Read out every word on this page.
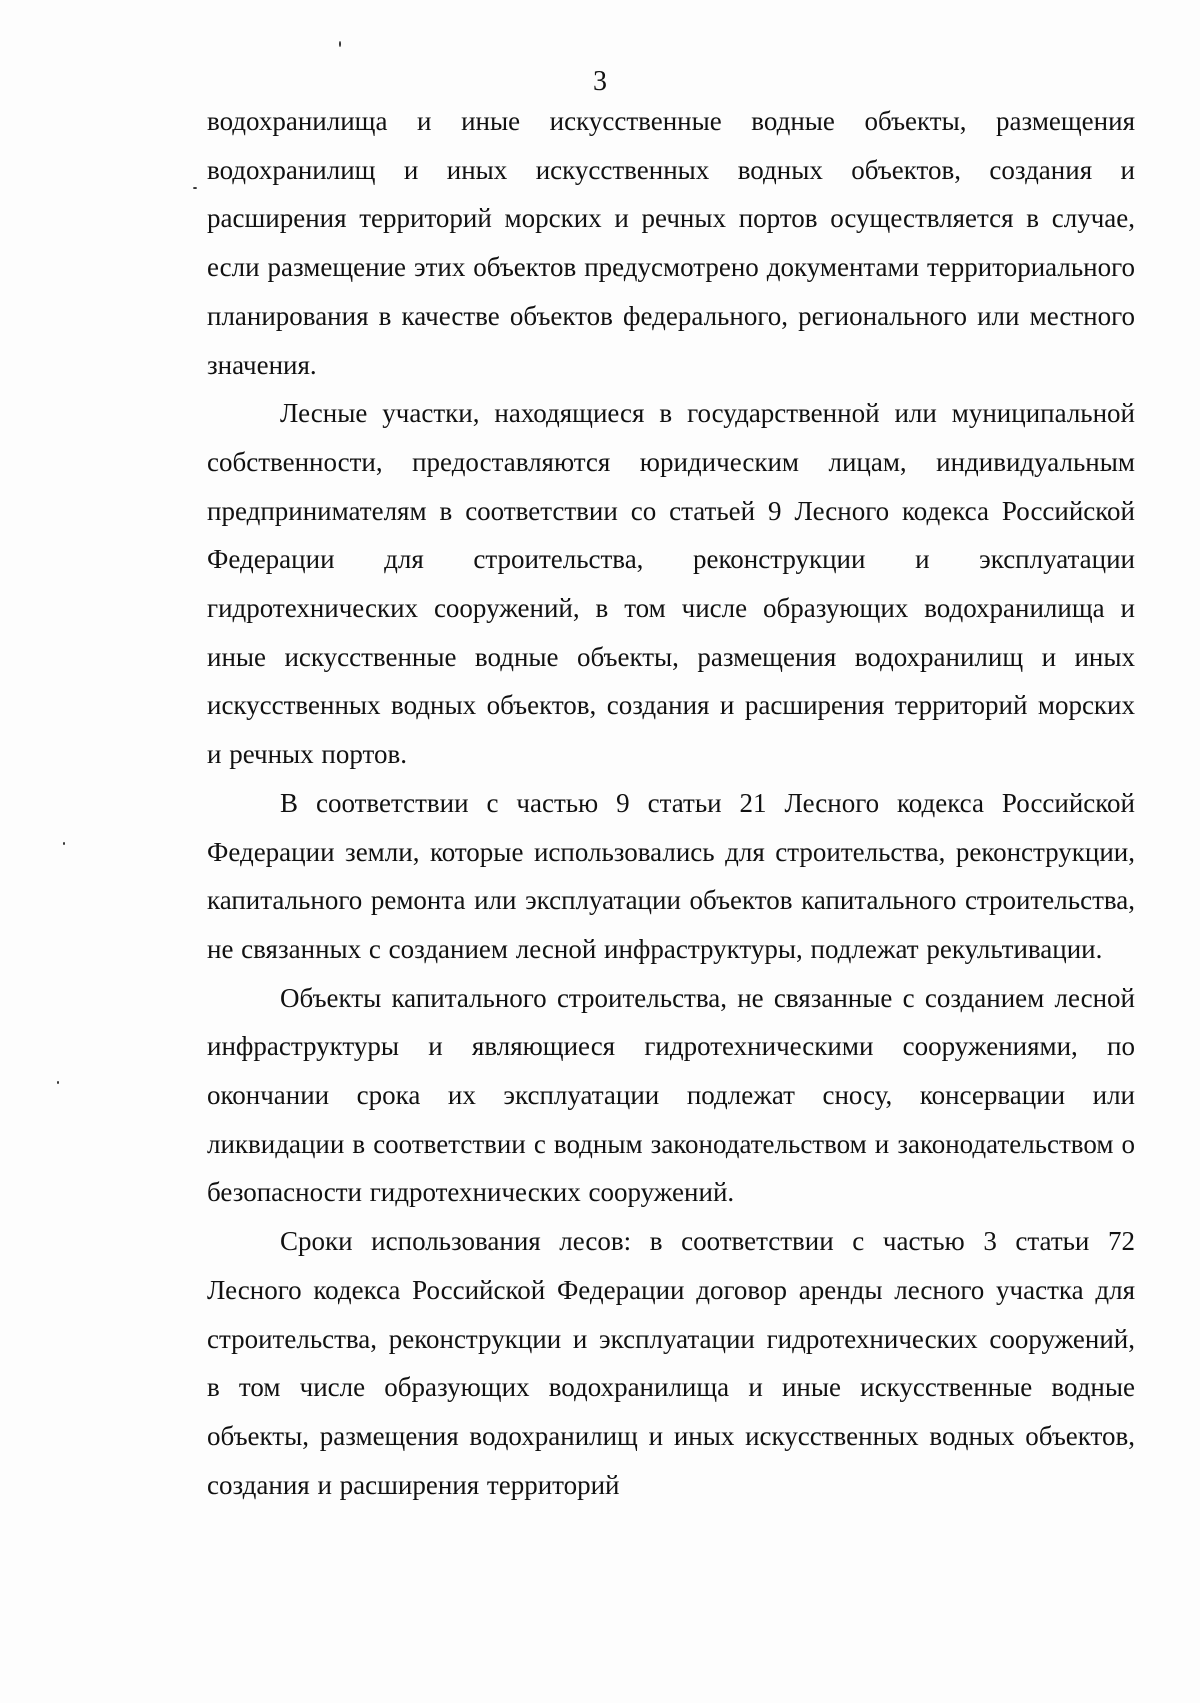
3

водохранилища и иные искусственные водные объекты, размещения водохранилищ и иных искусственных водных объектов, создания и расширения территорий морских и речных портов осуществляется в случае, если размещение этих объектов предусмотрено документами территориального планирования в качестве объектов федерального, регионального или местного значения.

Лесные участки, находящиеся в государственной или муниципальной собственности, предоставляются юридическим лицам, индивидуальным предпринимателям в соответствии со статьей 9 Лесного кодекса Российской Федерации для строительства, реконструкции и эксплуатации гидротехнических сооружений, в том числе образующих водохранилища и иные искусственные водные объекты, размещения водохранилищ и иных искусственных водных объектов, создания и расширения территорий морских и речных портов.

В соответствии с частью 9 статьи 21 Лесного кодекса Российской Федерации земли, которые использовались для строительства, реконструкции, капитального ремонта или эксплуатации объектов капитального строительства, не связанных с созданием лесной инфраструктуры, подлежат рекультивации.

Объекты капитального строительства, не связанные с созданием лесной инфраструктуры и являющиеся гидротехническими сооружениями, по окончании срока их эксплуатации подлежат сносу, консервации или ликвидации в соответствии с водным законодательством и законодательством о безопасности гидротехнических сооружений.

Сроки использования лесов: в соответствии с частью 3 статьи 72 Лесного кодекса Российской Федерации договор аренды лесного участка для строительства, реконструкции и эксплуатации гидротехнических сооружений, в том числе образующих водохранилища и иные искусственные водные объекты, размещения водохранилищ и иных искусственных водных объектов, создания и расширения территорий
